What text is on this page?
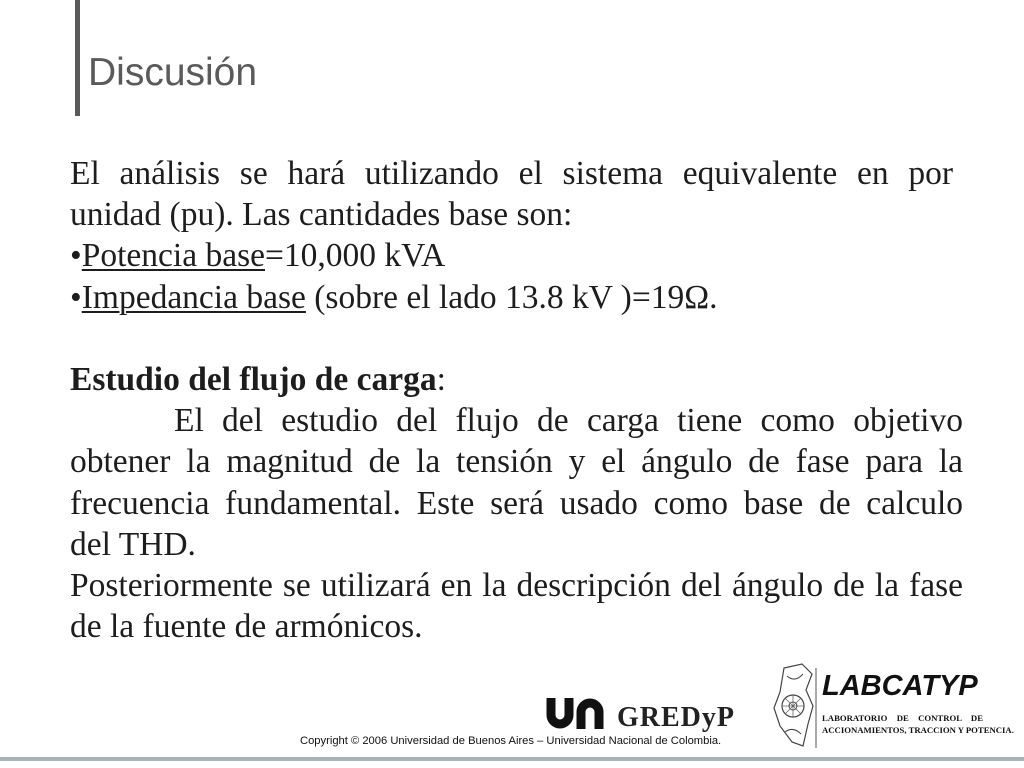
Discusión
El análisis se hará utilizando el sistema equivalente en por
unidad (pu). Las cantidades base son:
•Potencia base=10,000 kVA
•Impedancia base (sobre el lado 13.8 kV )=19Ω.
Estudio del flujo de carga:
El del estudio del flujo de carga tiene como objetivo
obtener la magnitud de la tensión y el ángulo de fase para la
frecuencia fundamental. Este será usado como base de calculo
del THD.
Posteriormente se utilizará en la descripción del ángulo de la fase
de la fuente de armónicos.
GREDyP
Copyright © 2006 Universidad de Buenos Aires – Universidad Nacional de Colombia.
LABCATYP
LABORATORIO DE CONTROL DE
ACCIONAMIENTOS, TRACCION Y POTENCIA.
